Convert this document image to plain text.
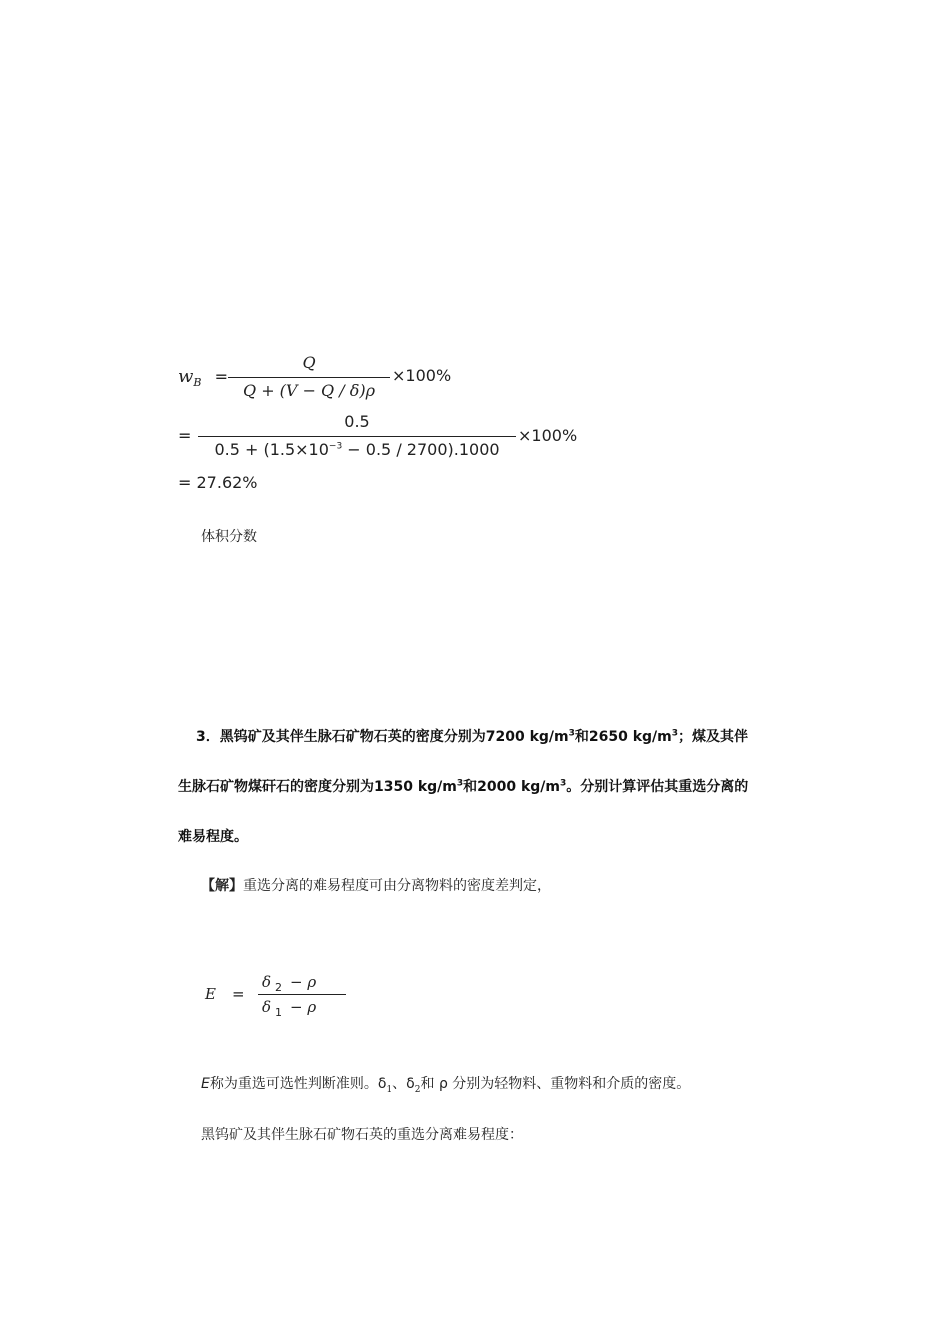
$w_B$ =
Q
Q + (V − Q / δ)ρ
×100%
=
0.5
$0.5 + (1.5\times 10^{-3} - 0.5 / 2700).1000$
×100%
= 27.62%
体积分数
3．黑钨矿及其伴生脉石矿物石英的密度分别为7200 $kg/m^3$和2650 $kg/m^3$；煤及其伴
生脉石矿物煤矸石的密度分别为1350 $kg/m^3$和2000 $kg/m^3$。分别计算评估其重选分离的
难易程度。
【解】重选分离的难易程度可由分离物料的密度差判定，
E =
δ $_2$ − ρ
δ $_1$ − ρ
E称为重选可选性判断准则。$\delta_1$、$\delta_2$和 ρ 分别为轻物料、重物料和介质的密度。
黑钨矿及其伴生脉石矿物石英的重选分离难易程度：
